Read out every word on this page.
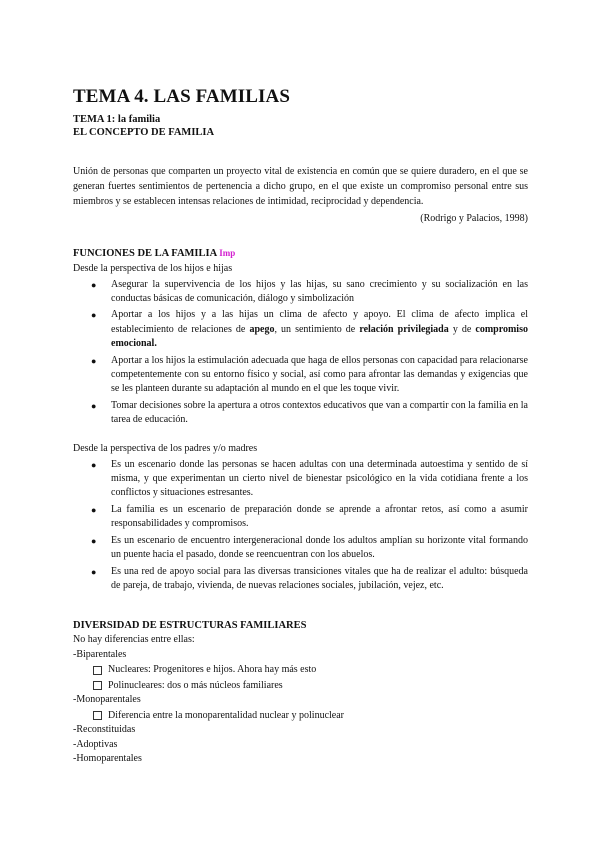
TEMA 4. LAS FAMILIAS

TEMA 1: la familia

EL CONCEPTO DE FAMILIA

Unión de personas que comparten un proyecto vital de existencia en común que se quiere duradero, en el que se generan fuertes sentimientos de pertenencia a dicho grupo, en el que existe un compromiso personal entre sus miembros y se establecen intensas relaciones de intimidad, reciprocidad y dependencia.

(Rodrigo y Palacios, 1998)

FUNCIONES DE LA FAMILIA Imp

Desde la perspectiva de los hijos e hijas

● Asegurar la supervivencia de los hijos y las hijas, su sano crecimiento y su socialización en las conductas básicas de comunicación, diálogo y simbolización
● Aportar a los hijos y a las hijas un clima de afecto y apoyo. El clima de afecto implica el establecimiento de relaciones de apego, un sentimiento de relación privilegiada y de compromiso emocional.
● Aportar a los hijos la estimulación adecuada que haga de ellos personas con capacidad para relacionarse competentemente con su entorno físico y social, así como para afrontar las demandas y exigencias que se les planteen durante su adaptación al mundo en el que les toque vivir.
● Tomar decisiones sobre la apertura a otros contextos educativos que van a compartir con la familia en la tarea de educación.

Desde la perspectiva de los padres y/o madres

● Es un escenario donde las personas se hacen adultas con una determinada autoestima y sentido de sí misma, y que experimentan un cierto nivel de bienestar psicológico en la vida cotidiana frente a los conflictos y situaciones estresantes.
● La familia es un escenario de preparación donde se aprende a afrontar retos, así como a asumir responsabilidades y compromisos.
● Es un escenario de encuentro intergeneracional donde los adultos amplían su horizonte vital formando un puente hacia el pasado, donde se reencuentran con los abuelos.
● Es una red de apoyo social para las diversas transiciones vitales que ha de realizar el adulto: búsqueda de pareja, de trabajo, vivienda, de nuevas relaciones sociales, jubilación, vejez, etc.
DIVERSIDAD DE ESTRUCTURAS FAMILIARES

No hay diferencias entre ellas:

-Biparentales

Nucleares: Progenitores e hijos. Ahora hay más esto
Polinucleares: dos o más núcleos familiares

-Monoparentales

Diferencia entre la monoparentalidad nuclear y polinuclear

-Reconstituidas

-Adoptivas

-Homoparentales
